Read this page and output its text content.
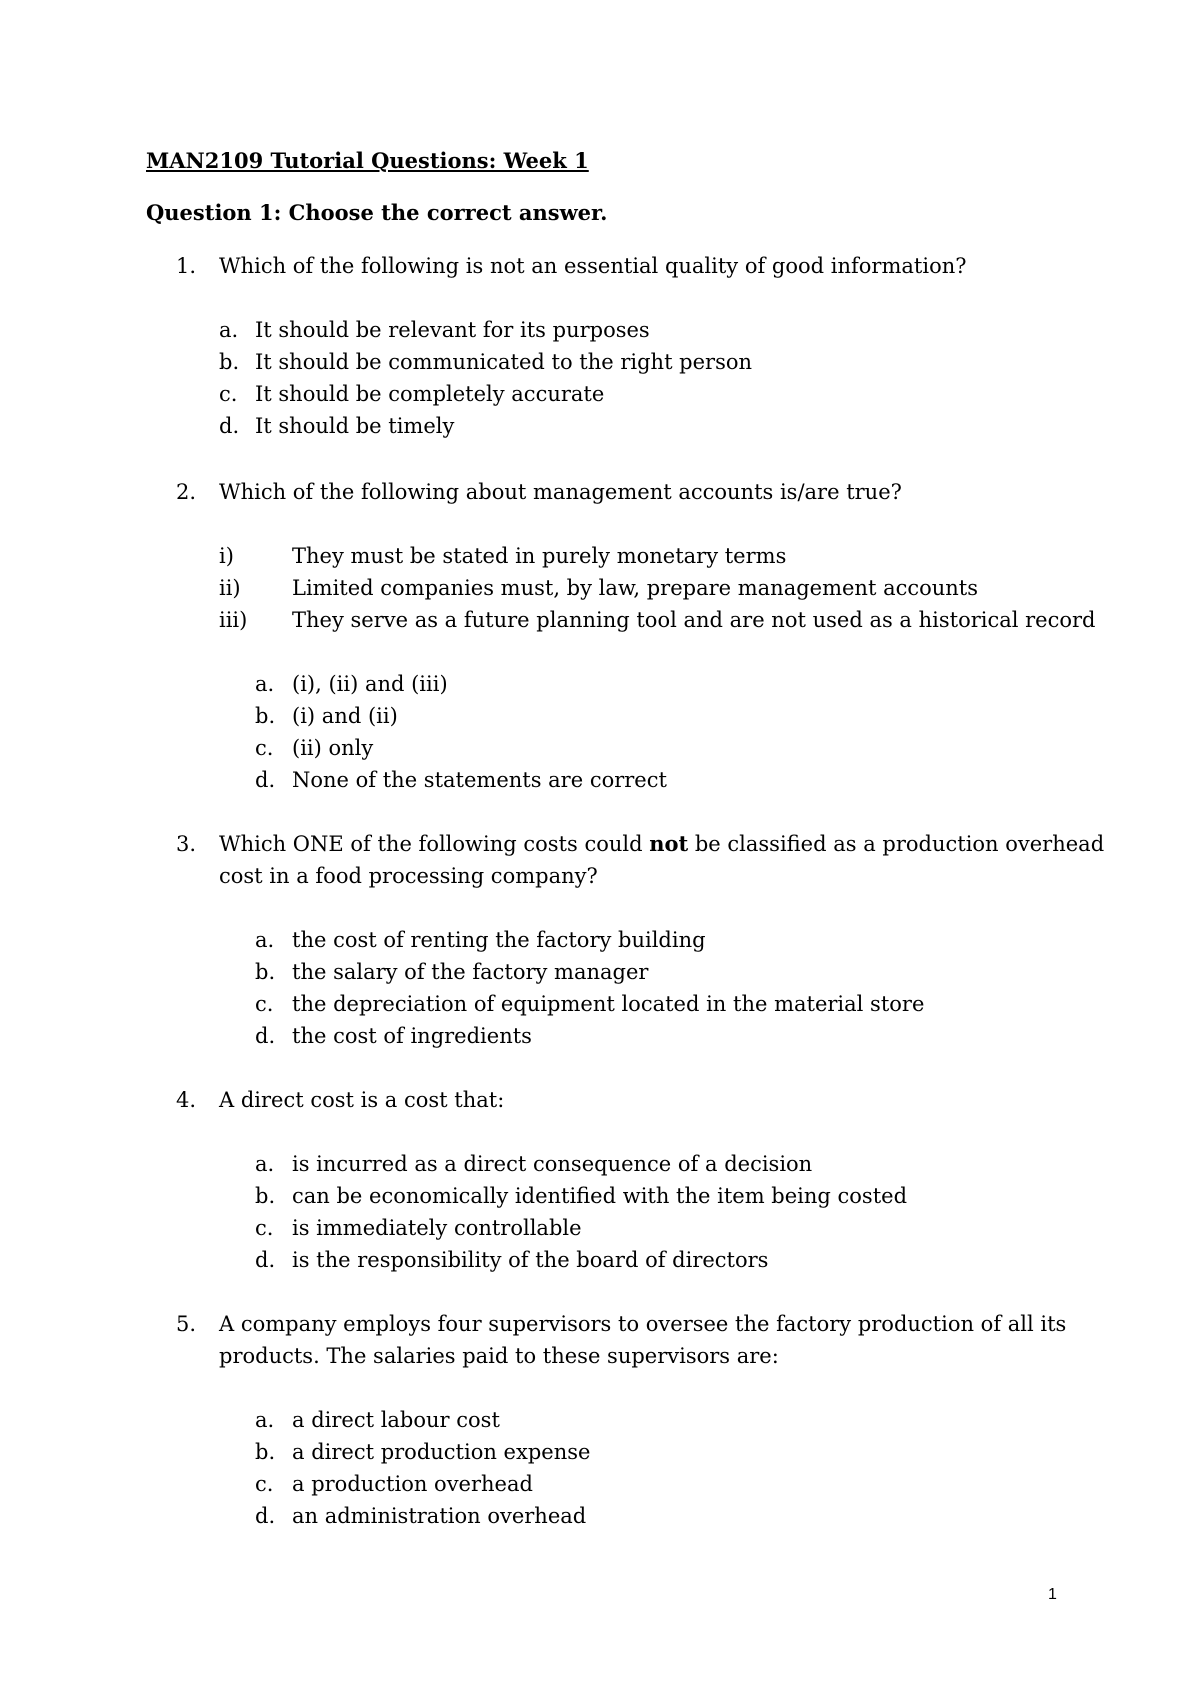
MAN2109 Tutorial Questions: Week 1
Question 1: Choose the correct answer.
1. Which of the following is not an essential quality of good information?
a. It should be relevant for its purposes
b. It should be communicated to the right person
c. It should be completely accurate
d. It should be timely
2. Which of the following about management accounts is/are true?
i)	They must be stated in purely monetary terms
ii) Limited companies must, by law, prepare management accounts
iii) They serve as a future planning tool and are not used as a historical record
a. (i), (ii) and (iii)
b. (i) and (ii)
c. (ii) only
d. None of the statements are correct
3. Which ONE of the following costs could not be classified as a production overhead
cost in a food processing company?
a. the cost of renting the factory building
b. the salary of the factory manager
c. the depreciation of equipment located in the material store
d. the cost of ingredients
4. A direct cost is a cost that:
a. is incurred as a direct consequence of a decision
b. can be economically identified with the item being costed
c. is immediately controllable
d. is the responsibility of the board of directors
5. A company employs four supervisors to oversee the factory production of all its
products. The salaries paid to these supervisors are:
a. a direct labour cost
b. a direct production expense
c. a production overhead
d. an administration overhead
1
